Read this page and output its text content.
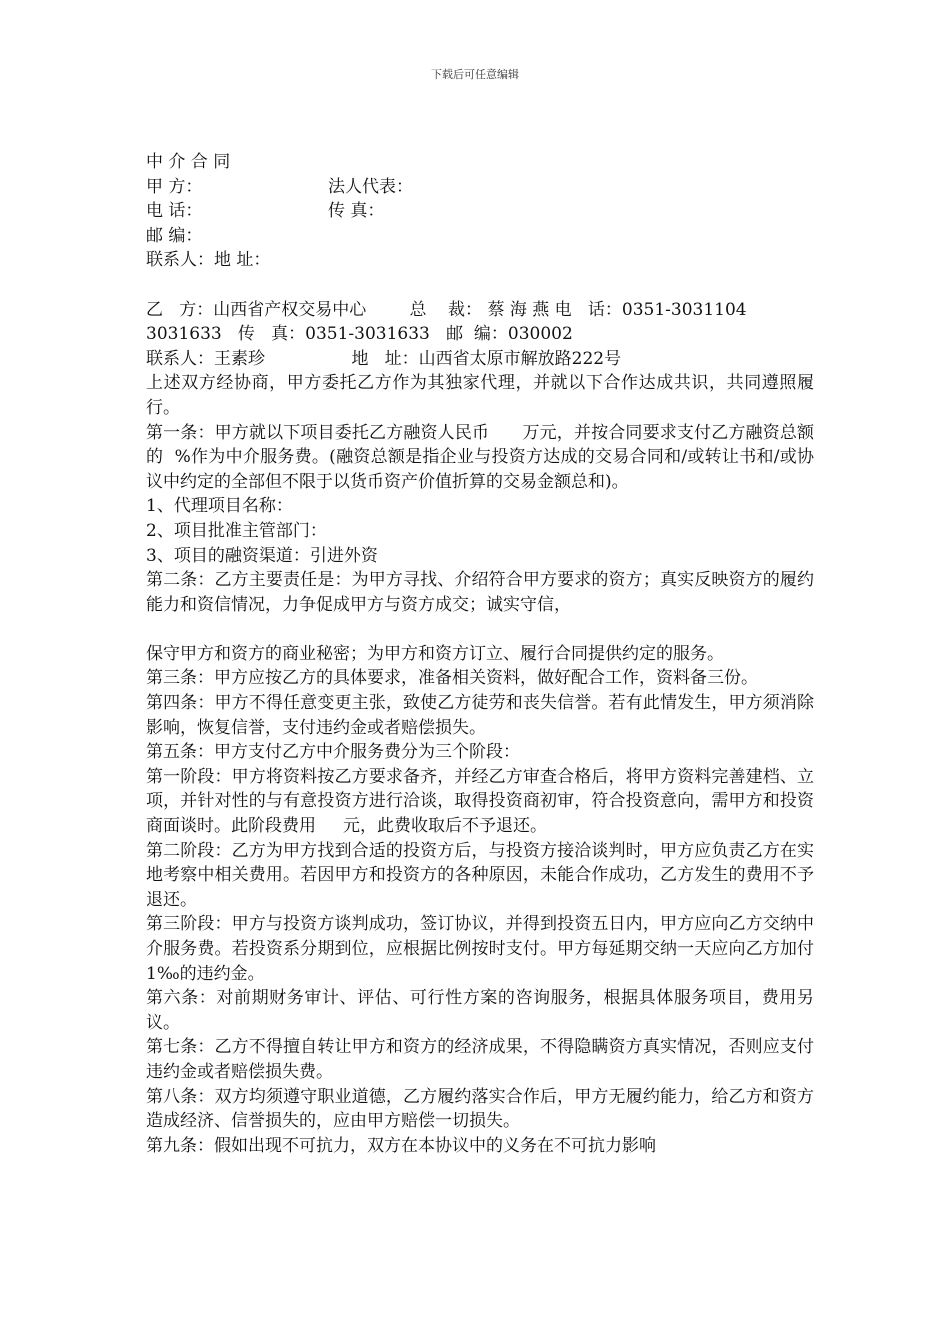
下载后可任意编辑
中 介 合 同
甲 方：	法人代表：
电 话：	传 真：
邮 编：
联系人：地 址：
乙   方：山西省产权交易中心        总    裁： 蔡 海 燕 电   话：0351-3031104
3031633   传   真：0351-3031633   邮  编：030002
联系人：王素珍                地   址：山西省太原市解放路222号
上述双方经协商，甲方委托乙方作为其独家代理，并就以下合作达成共识，共同遵照履行。
第一条：甲方就以下项目委托乙方融资人民币      万元，并按合同要求支付乙方融资总额的  %作为中介服务费。(融资总额是指企业与投资方达成的交易合同和/或转让书和/或协议中约定的全部但不限于以货币资产价值折算的交易金额总和)。
1、代理项目名称：
2、项目批准主管部门：
3、项目的融资渠道：引进外资
第二条：乙方主要责任是：为甲方寻找、介绍符合甲方要求的资方；真实反映资方的履约能力和资信情况，力争促成甲方与资方成交；诚实守信，
保守甲方和资方的商业秘密；为甲方和资方订立、履行合同提供约定的服务。
第三条：甲方应按乙方的具体要求，准备相关资料，做好配合工作，资料备三份。
第四条：甲方不得任意变更主张，致使乙方徒劳和丧失信誉。若有此情发生，甲方须消除影响，恢复信誉，支付违约金或者赔偿损失。
第五条：甲方支付乙方中介服务费分为三个阶段：
第一阶段：甲方将资料按乙方要求备齐，并经乙方审查合格后，将甲方资料完善建档、立项，并针对性的与有意投资方进行洽谈，取得投资商初审，符合投资意向，需甲方和投资商面谈时。此阶段费用     元，此费收取后不予退还。
第二阶段：乙方为甲方找到合适的投资方后，与投资方接洽谈判时，甲方应负责乙方在实地考察中相关费用。若因甲方和投资方的各种原因，未能合作成功，乙方发生的费用不予退还。
第三阶段：甲方与投资方谈判成功，签订协议，并得到投资五日内，甲方应向乙方交纳中介服务费。若投资系分期到位，应根据比例按时支付。甲方每延期交纳一天应向乙方加付 1‰的违约金。
第六条：对前期财务审计、评估、可行性方案的咨询服务，根据具体服务项目，费用另议。
第七条：乙方不得擅自转让甲方和资方的经济成果，不得隐瞒资方真实情况，否则应支付违约金或者赔偿损失费。
第八条：双方均须遵守职业道德，乙方履约落实合作后，甲方无履约能力，给乙方和资方造成经济、信誉损失的，应由甲方赔偿一切损失。
第九条：假如出现不可抗力，双方在本协议中的义务在不可抗力影响
